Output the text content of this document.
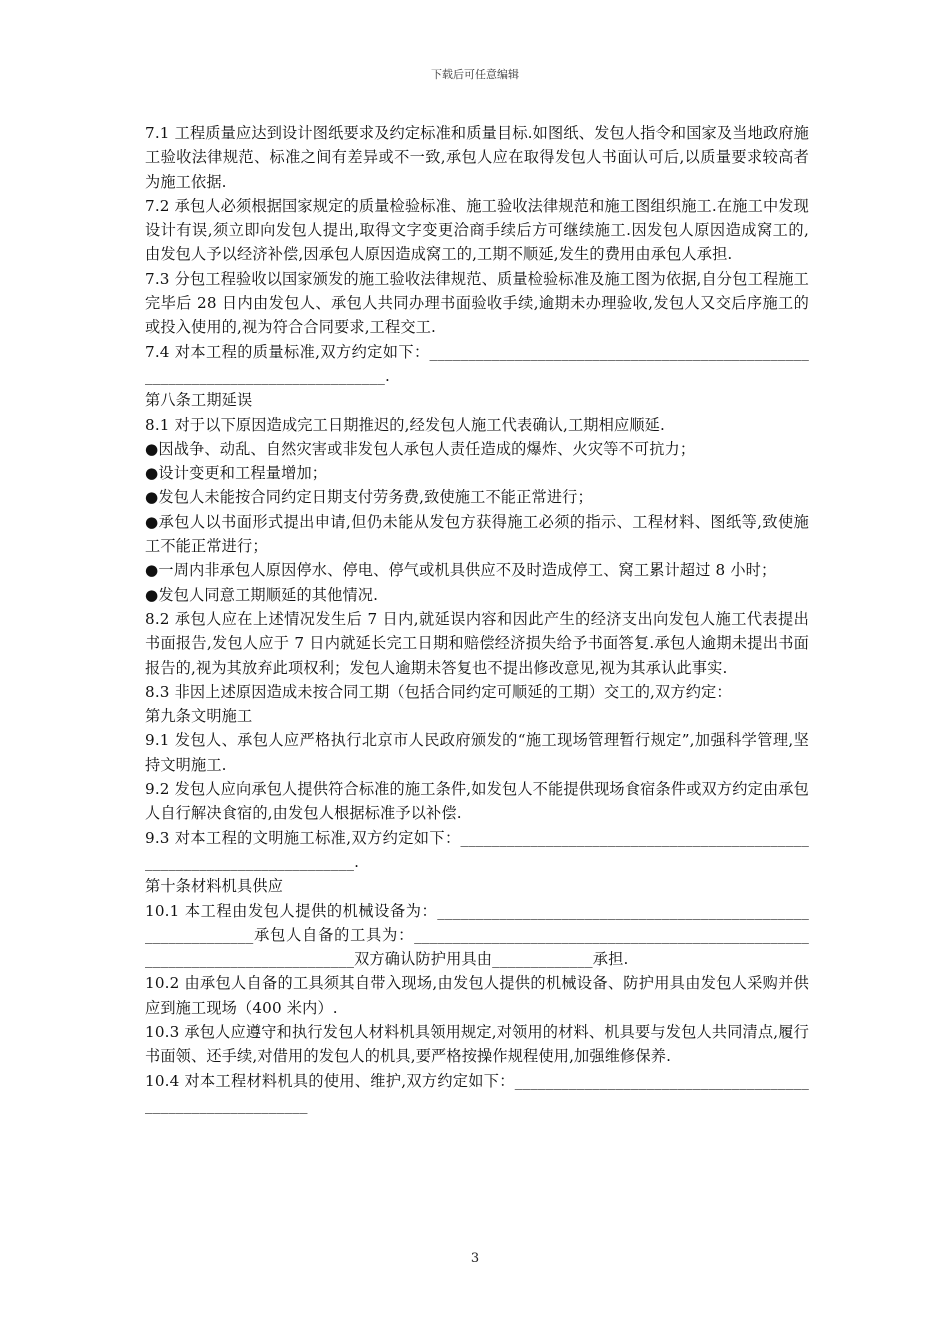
下载后可任意编辑

7.1 工程质量应达到设计图纸要求及约定标准和质量目标.如图纸、发包人指令和国家及当地政府施工验收法律规范、标准之间有差异或不一致,承包人应在取得发包人书面认可后,以质量要求较高者为施工依据.

7.2 承包人必须根据国家规定的质量检验标准、施工验收法律规范和施工图组织施工.在施工中发现设计有误,须立即向发包人提出,取得文字变更洽商手续后方可继续施工.因发包人原因造成窝工的,由发包人予以经济补偿,因承包人原因造成窝工的,工期不顺延,发生的费用由承包人承担.

7.3 分包工程验收以国家颁发的施工验收法律规范、质量检验标准及施工图为依据,自分包工程施工完毕后 28 日内由发包人、承包人共同办理书面验收手续,逾期未办理验收,发包人又交后序施工的或投入使用的,视为符合合同要求,工程交工.

7.4 对本工程的质量标准,双方约定如下：________________________________________________________________________________.

第八条工期延误

8.1 对于以下原因造成完工日期推迟的,经发包人施工代表确认,工期相应顺延.

●因战争、动乱、自然灾害或非发包人承包人责任造成的爆炸、火灾等不可抗力；

●设计变更和工程量增加；

●发包人未能按合同约定日期支付劳务费,致使施工不能正常进行；

●承包人以书面形式提出申请,但仍未能从发包方获得施工必须的指示、工程材料、图纸等,致使施工不能正常进行；

●一周内非承包人原因停水、停电、停气或机具供应不及时造成停工、窝工累计超过 8 小时；

●发包人同意工期顺延的其他情况.

8.2 承包人应在上述情况发生后 7 日内,就延误内容和因此产生的经济支出向发包人施工代表提出书面报告,发包人应于 7 日内就延长完工日期和赔偿经济损失给予书面答复.承包人逾期未提出书面报告的,视为其放弃此项权利；发包人逾期未答复也不提出修改意见,视为其承认此事实.

8.3 非因上述原因造成未按合同工期（包括合同约定可顺延的工期）交工的,双方约定：

第九条文明施工

9.1 发包人、承包人应严格执行北京市人民政府颁发的“施工现场管理暂行规定”,加强科学管理,坚持文明施工.

9.2 发包人应向承包人提供符合标准的施工条件,如发包人不能提供现场食宿条件或双方约定由承包人自行解决食宿的,由发包人根据标准予以补偿.

9.3 对本工程的文明施工标准,双方约定如下：________________________________________________________________________.

第十条材料机具供应

10.1 本工程由发包人提供的机械设备为：______________________________________________________________承包人自备的工具为：______________________________________________________________________________双方确认防护用具由_____________承担.

10.2 由承包人自备的工具须其自带入现场,由发包人提供的机械设备、防护用具由发包人采购并供应到施工现场（400 米内）.

10.3 承包人应遵守和执行发包人材料机具领用规定,对领用的材料、机具要与发包人共同清点,履行书面领、还手续,对借用的发包人的机具,要严格按操作规程使用,加强维修保养.

10.4 对本工程材料机具的使用、维护,双方约定如下：___________________________________________________________

3
